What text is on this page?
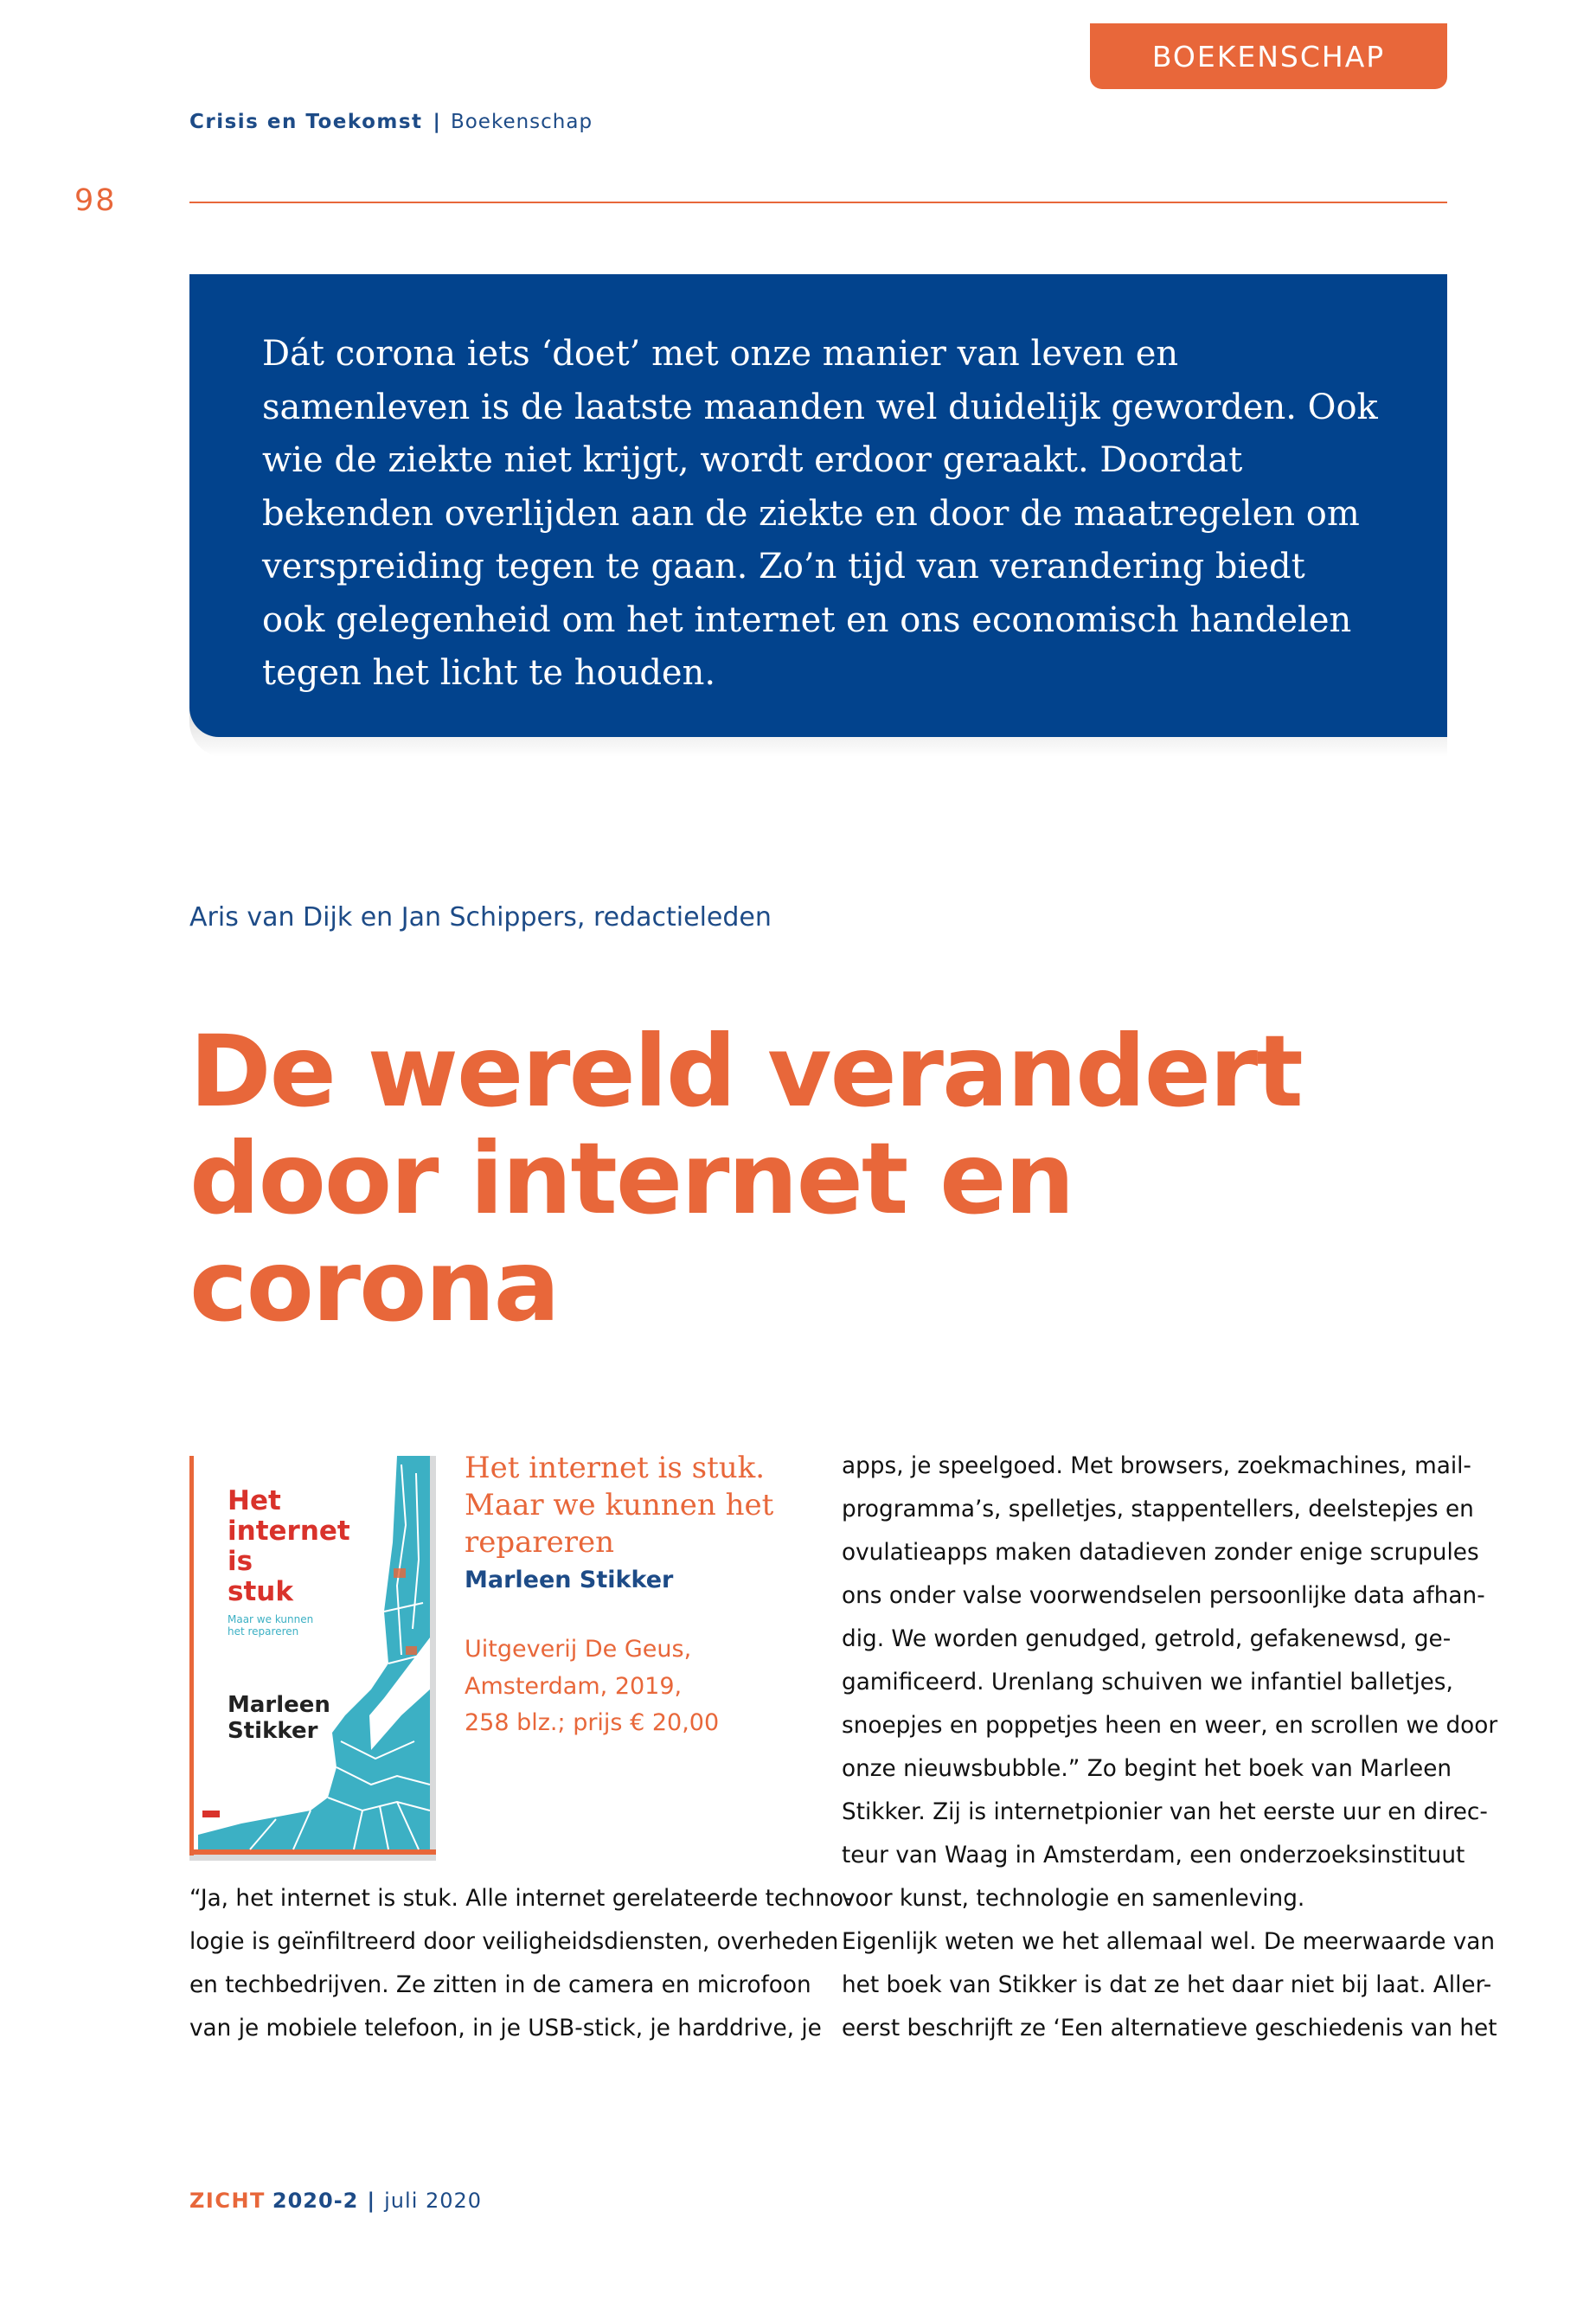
BOEKENSCHAP
Crisis en Toekomst | Boekenschap
98

Dát corona iets ‘doet’ met onze manier van leven en samenleven is de laatste maanden wel duidelijk geworden. Ook wie de ziekte niet krijgt, wordt erdoor geraakt. Doordat bekenden overlijden aan de ziekte en door de maatregelen om verspreiding tegen te gaan. Zo’n tijd van verandering biedt ook gelegenheid om het internet en ons economisch handelen tegen het licht te houden.

Aris van Dijk en Jan Schippers, redactieleden
De wereld verandert door internet en corona
Het
internet
is
stuk
Maar we kunnen
het repareren
Marleen
Stikker
Het internet is stuk.
Maar we kunnen het
repareren
Marleen Stikker
Uitgeverij De Geus,
Amsterdam, 2019,
258 blz.; prijs € 20,00
“Ja, het internet is stuk. Alle internet gerelateerde techno-
logie is geïnfiltreerd door veiligheidsdiensten, overheden
en techbedrijven. Ze zitten in de camera en microfoon
van je mobiele telefoon, in je USB-stick, je harddrive, je
apps, je speelgoed. Met browsers, zoekmachines, mail-
programma’s, spelletjes, stappentellers, deelstepjes en
ovulatieapps maken datadieven zonder enige scrupules
ons onder valse voorwendselen persoonlijke data afhan-
dig. We worden genudged, getrold, gefakenewsd, ge-
gamificeerd. Urenlang schuiven we infantiel balletjes,
snoepjes en poppetjes heen en weer, en scrollen we door
onze nieuwsbubble.” Zo begint het boek van Marleen
Stikker. Zij is internetpionier van het eerste uur en direc-
teur van Waag in Amsterdam, een onderzoeksinstituut
voor kunst, technologie en samenleving.
Eigenlijk weten we het allemaal wel. De meerwaarde van
het boek van Stikker is dat ze het daar niet bij laat. Aller-
eerst beschrijft ze ‘Een alternatieve geschiedenis van het
ZICHT 2020-2 | juli 2020
